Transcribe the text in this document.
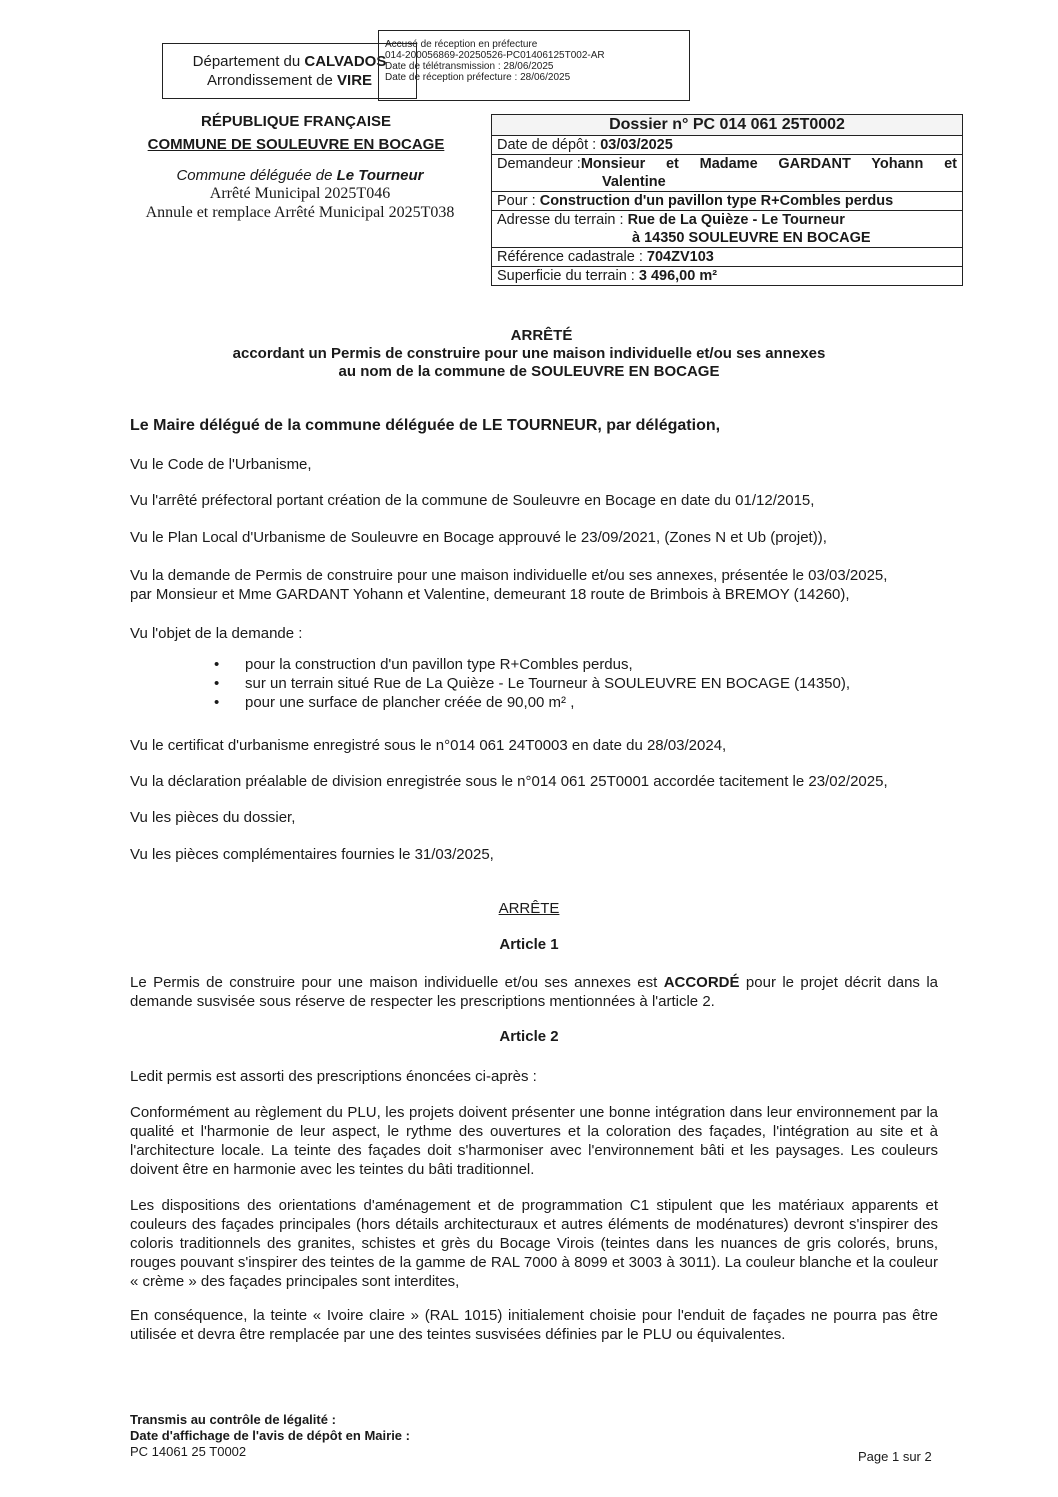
Département du CALVADOS
Arrondissement de VIRE
Accusé de réception en préfecture
014-200056869-20250526-PC01406125T002-AR
Date de télétransmission : 28/06/2025
Date de réception préfecture : 28/06/2025
RÉPUBLIQUE FRANÇAISE
COMMUNE DE SOULEUVRE EN BOCAGE
Commune déléguée de Le Tourneur
Arrêté Municipal 2025T046
Annule et remplace Arrêté Municipal 2025T038
Dossier n° PC 014 061 25T0002
Date de dépôt : 03/03/2025
Demandeur : Monsieur et Madame GARDANT Yohann et
Valentine
Pour : Construction d'un pavillon type R+Combles perdus
Adresse du terrain : Rue de La Quièze - Le Tourneur
à 14350 SOULEUVRE EN BOCAGE
Référence cadastrale : 704ZV103
Superficie du terrain : 3 496,00 m²
ARRÊTÉ
accordant un Permis de construire pour une maison individuelle et/ou ses annexes
au nom de la commune de SOULEUVRE EN BOCAGE
Le Maire délégué de la commune déléguée de LE TOURNEUR, par délégation,
Vu le Code de l'Urbanisme,
Vu l'arrêté préfectoral portant création de la commune de Souleuvre en Bocage en date du 01/12/2015,
Vu le Plan Local d'Urbanisme de Souleuvre en Bocage approuvé le 23/09/2021, (Zones N et Ub (projet)),
Vu la demande de Permis de construire pour une maison individuelle et/ou ses annexes, présentée le 03/03/2025,
par Monsieur et Mme GARDANT Yohann et Valentine, demeurant 18 route de Brimbois à BREMOY (14260),
Vu l'objet de la demande :
• pour la construction d'un pavillon type R+Combles perdus,
• sur un terrain situé Rue de La Quièze - Le Tourneur à SOULEUVRE EN BOCAGE (14350),
• pour une surface de plancher créée de 90,00 m² ,
Vu le certificat d'urbanisme enregistré sous le n°014 061 24T0003 en date du 28/03/2024,
Vu la déclaration préalable de division enregistrée sous le n°014 061 25T0001 accordée tacitement le 23/02/2025,
Vu les pièces du dossier,
Vu les pièces complémentaires fournies le 31/03/2025,
ARRÊTE
Article 1
Le Permis de construire pour une maison individuelle et/ou ses annexes est ACCORDÉ pour le projet décrit dans la demande susvisée sous réserve de respecter les prescriptions mentionnées à l'article 2.
Article 2
Ledit permis est assorti des prescriptions énoncées ci-après :
Conformément au règlement du PLU, les projets doivent présenter une bonne intégration dans leur environnement par la qualité et l'harmonie de leur aspect, le rythme des ouvertures et la coloration des façades, l'intégration au site et à l'architecture locale. La teinte des façades doit s'harmoniser avec l'environnement bâti et les paysages. Les couleurs doivent être en harmonie avec les teintes du bâti traditionnel.
Les dispositions des orientations d'aménagement et de programmation C1 stipulent que les matériaux apparents et couleurs des façades principales (hors détails architecturaux et autres éléments de modénatures) devront s'inspirer des coloris traditionnels des granites, schistes et grès du Bocage Virois (teintes dans les nuances de gris colorés, bruns, rouges pouvant s'inspirer des teintes de la gamme de RAL 7000 à 8099 et 3003 à 3011). La couleur blanche et la couleur « crème » des façades principales sont interdites,
En conséquence, la teinte « Ivoire claire » (RAL 1015) initialement choisie pour l'enduit de façades ne pourra pas être utilisée et devra être remplacée par une des teintes susvisées définies par le PLU ou équivalentes.
Transmis au contrôle de légalité :
Date d'affichage de l'avis de dépôt en Mairie :
PC 14061 25 T0002	Page 1 sur 2
